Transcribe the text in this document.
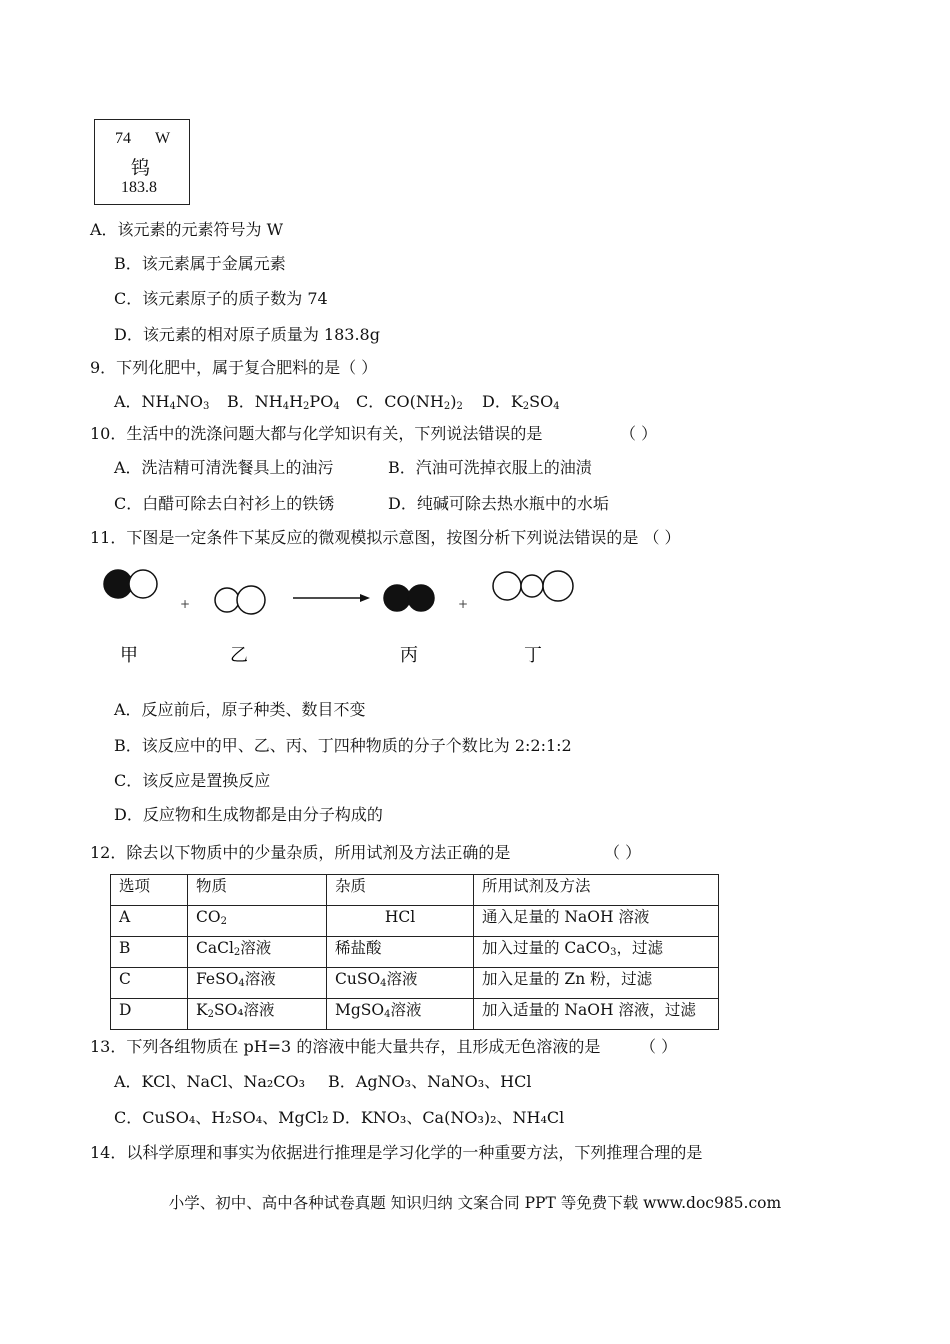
74 W
钨
183.8
A．该元素的元素符号为 W
B．该元素属于金属元素
C．该元素原子的质子数为 74
D．该元素的相对原子质量为 183.8g
9．下列化肥中，属于复合肥料的是（ ）
A．$NH_4NO_3$ B．$NH_4H_2PO_4$ C．$CO(NH_2)_2$ D．$K_2SO_4$
10．生活中的洗涤问题大都与化学知识有关，下列说法错误的是	（ ）
A．洗洁精可清洗餐具上的油污	B．汽油可洗掉衣服上的油渍
C．白醋可除去白衬衫上的铁锈	D．纯碱可除去热水瓶中的水垢
11．下图是一定条件下某反应的微观模拟示意图，按图分析下列说法错误的是 （ ）
+	+
甲	乙	丙	丁
A．反应前后，原子种类、数目不变
B．该反应中的甲、乙、丙、丁四种物质的分子个数比为 2:2:1:2
C．该反应是置换反应
D．反应物和生成物都是由分子构成的
12．除去以下物质中的少量杂质，所用试剂及方法正确的是	（ ）
选项	物质	杂质	所用试剂及方法
A	$CO_2$	HCl	通入足量的 NaOH 溶液
B	CaCl$_2$溶液	稀盐酸	加入过量的 CaCO$_3$，过滤
C	FeSO$_4$溶液	CuSO$_4$溶液	加入足量的 Zn 粉，过滤
D	$K_2SO_4$溶液	MgSO$_4$溶液	加入适量的 NaOH 溶液，过滤
13．下列各组物质在 pH=3 的溶液中能大量共存，且形成无色溶液的是 （ ）
A．KCl、NaCl、Na₂CO₃ B．AgNO₃、NaNO₃、HCl
C．CuSO₄、H₂SO₄、MgCl₂ D．KNO₃、Ca(NO₃)₂、NH₄Cl
14．以科学原理和事实为依据进行推理是学习化学的一种重要方法，下列推理合理的是
小学、初中、高中各种试卷真题 知识归纳 文案合同 PPT 等免费下载 www.doc985.com
